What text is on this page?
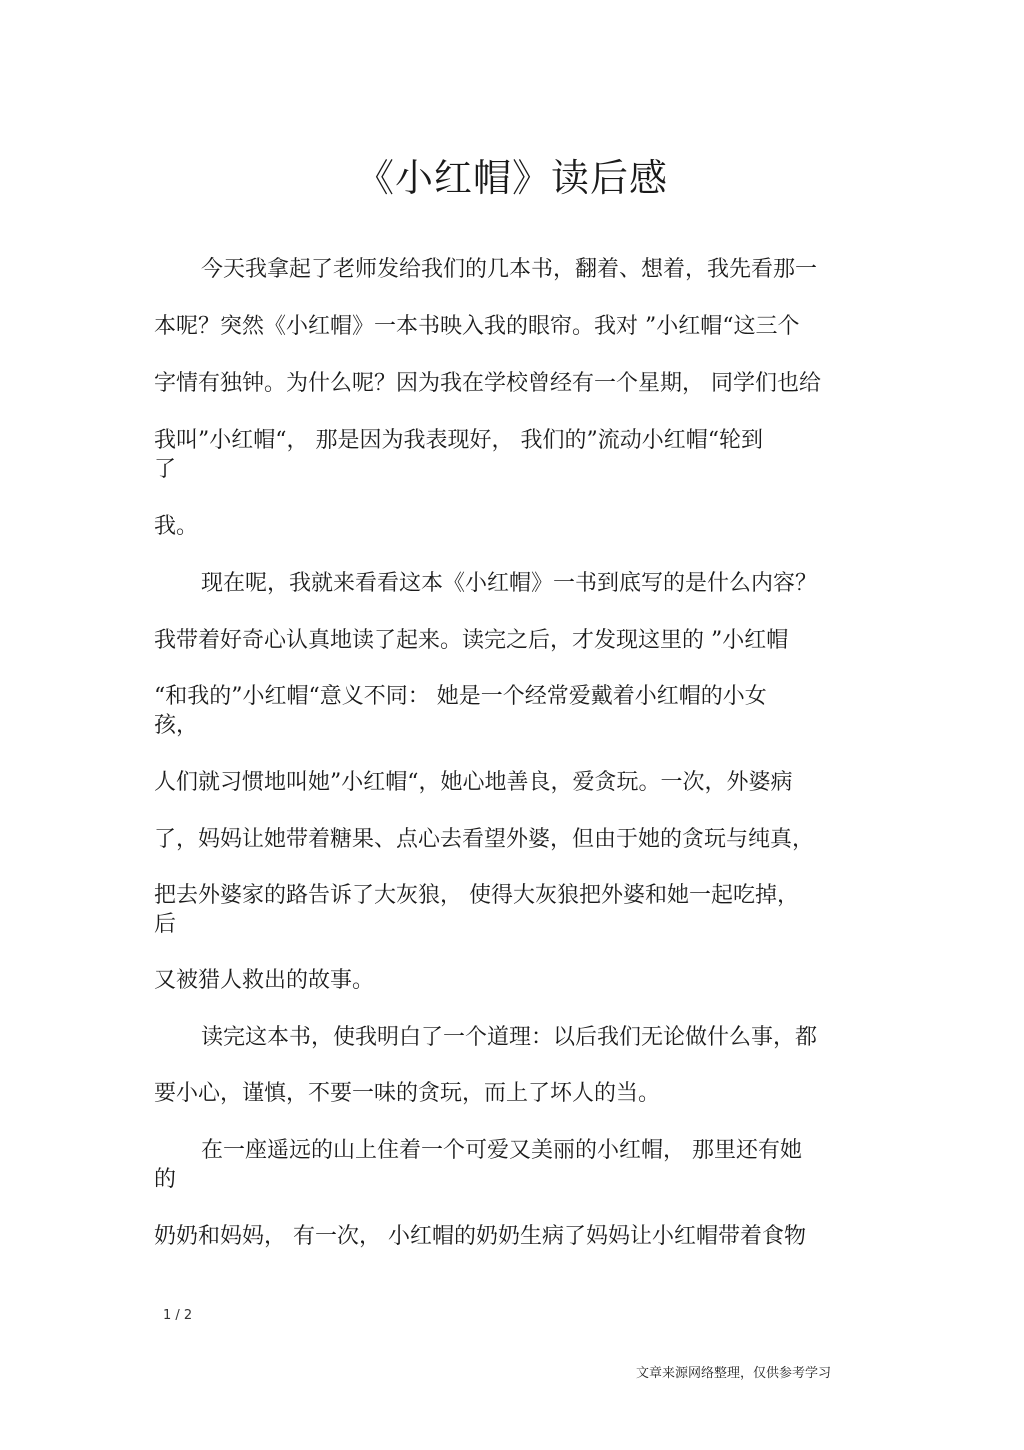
《小红帽》读后感
今天我拿起了老师发给我们的几本书，翻着、想着，我先看那一
本呢？突然《小红帽》一本书映入我的眼帘。我对 ”小红帽“这三个
字情有独钟。为什么呢？因为我在学校曾经有一个星期， 同学们也给
我叫”小红帽“， 那是因为我表现好， 我们的”流动小红帽“轮到
了
我。
现在呢，我就来看看这本《小红帽》一书到底写的是什么内容？
我带着好奇心认真地读了起来。读完之后，才发现这里的 ”小红帽
“和我的”小红帽“意义不同： 她是一个经常爱戴着小红帽的小女
孩，
人们就习惯地叫她”小红帽“，她心地善良，爱贪玩。一次，外婆病
了，妈妈让她带着糖果、点心去看望外婆，但由于她的贪玩与纯真，
把去外婆家的路告诉了大灰狼， 使得大灰狼把外婆和她一起吃掉，
后
又被猎人救出的故事。
读完这本书，使我明白了一个道理：以后我们无论做什么事，都
要小心，谨慎，不要一味的贪玩，而上了坏人的当。
在一座遥远的山上住着一个可爱又美丽的小红帽， 那里还有她
的
奶奶和妈妈， 有一次， 小红帽的奶奶生病了妈妈让小红帽带着食物
1 / 2
文章来源网络整理，仅供参考学习
